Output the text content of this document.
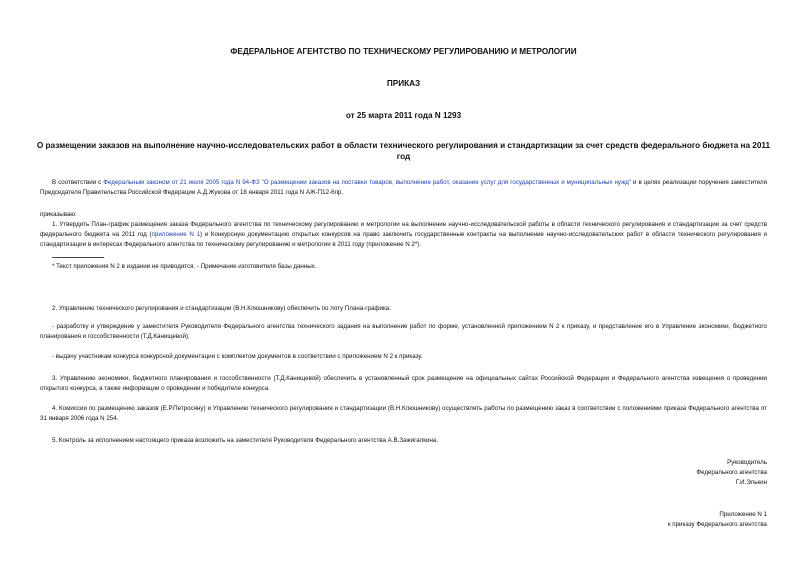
ФЕДЕРАЛЬНОЕ АГЕНТСТВО ПО ТЕХНИЧЕСКОМУ РЕГУЛИРОВАНИЮ И МЕТРОЛОГИИ
ПРИКАЗ
от 25 марта 2011 года N 1293
О размещении заказов на выполнение научно-исследовательских работ в области технического регулирования и стандартизации за счет средств федерального бюджета на 2011 год
В соответствии с Федеральным законом от 21 июля 2005 года N 94-ФЗ "О размещении заказов на поставки товаров, выполнение работ, оказание услуг для государственных и муниципальных нужд" и в целях реализации поручения заместителя Председателя Правительства Российской Федерации А.Д.Жукова от 18 января 2011 года N АЖ-П12-6пр,
приказываю:
1. Утвердить План-график размещения заказа Федерального агентства по техническому регулированию и метрологии на выполнение научно-исследовательской работы в области технического регулирования и стандартизации за счет средств федерального бюджета на 2011 год (приложение N 1) и Конкурсную документацию открытых конкурсов на право заключить государственные контракты на выполнение научно-исследовательских работ в области технического регулирования и стандартизации в интересах Федерального агентства по техническому регулированию и метрологии в 2011 году (приложение N 2*).
* Текст приложения N 2 в издании не приводится. - Примечание изготовителя базы данных.
2. Управлению технического регулирования и стандартизации (В.Н.Клюшникову) обеспечить по лоту Плана-графика:
- разработку и утверждение у заместителя Руководителя Федерального агентства технического задания на выполнение работ по форме, установленной приложением N 2 к приказу, и представление его в Управление экономики, бюджетного планирования и госсобственности (Т.Д.Канищевой);
- выдачу участникам конкурса конкурсной документации с комплектом документов в соответствии с приложением N 2 к приказу.
3. Управлению экономики, бюджетного планирования и госсобственности (Т.Д.Канищевой) обеспечить в установленный срок размещение на официальных сайтах Российской Федерации и Федерального агентства извещения о проведении открытого конкурса, а также информации о проведении и победителе конкурса.
4. Комиссии по размещению заказов (Е.Р.Петросяну) и Управлению технического регулирования и стандартизации (В.Н.Клюшникову) осуществлять работы по размещению заказ в соответствии с положениями приказа Федерального агентства от 31 января 2006 года N 254.
5. Контроль за исполнением настоящего приказа возложить на заместителя Руководителя Федерального агентства А.В.Зажигалкина.
Руководитель
Федерального агентства
Г.И.Элькин
Приложение N 1
к приказу Федерального агентства
